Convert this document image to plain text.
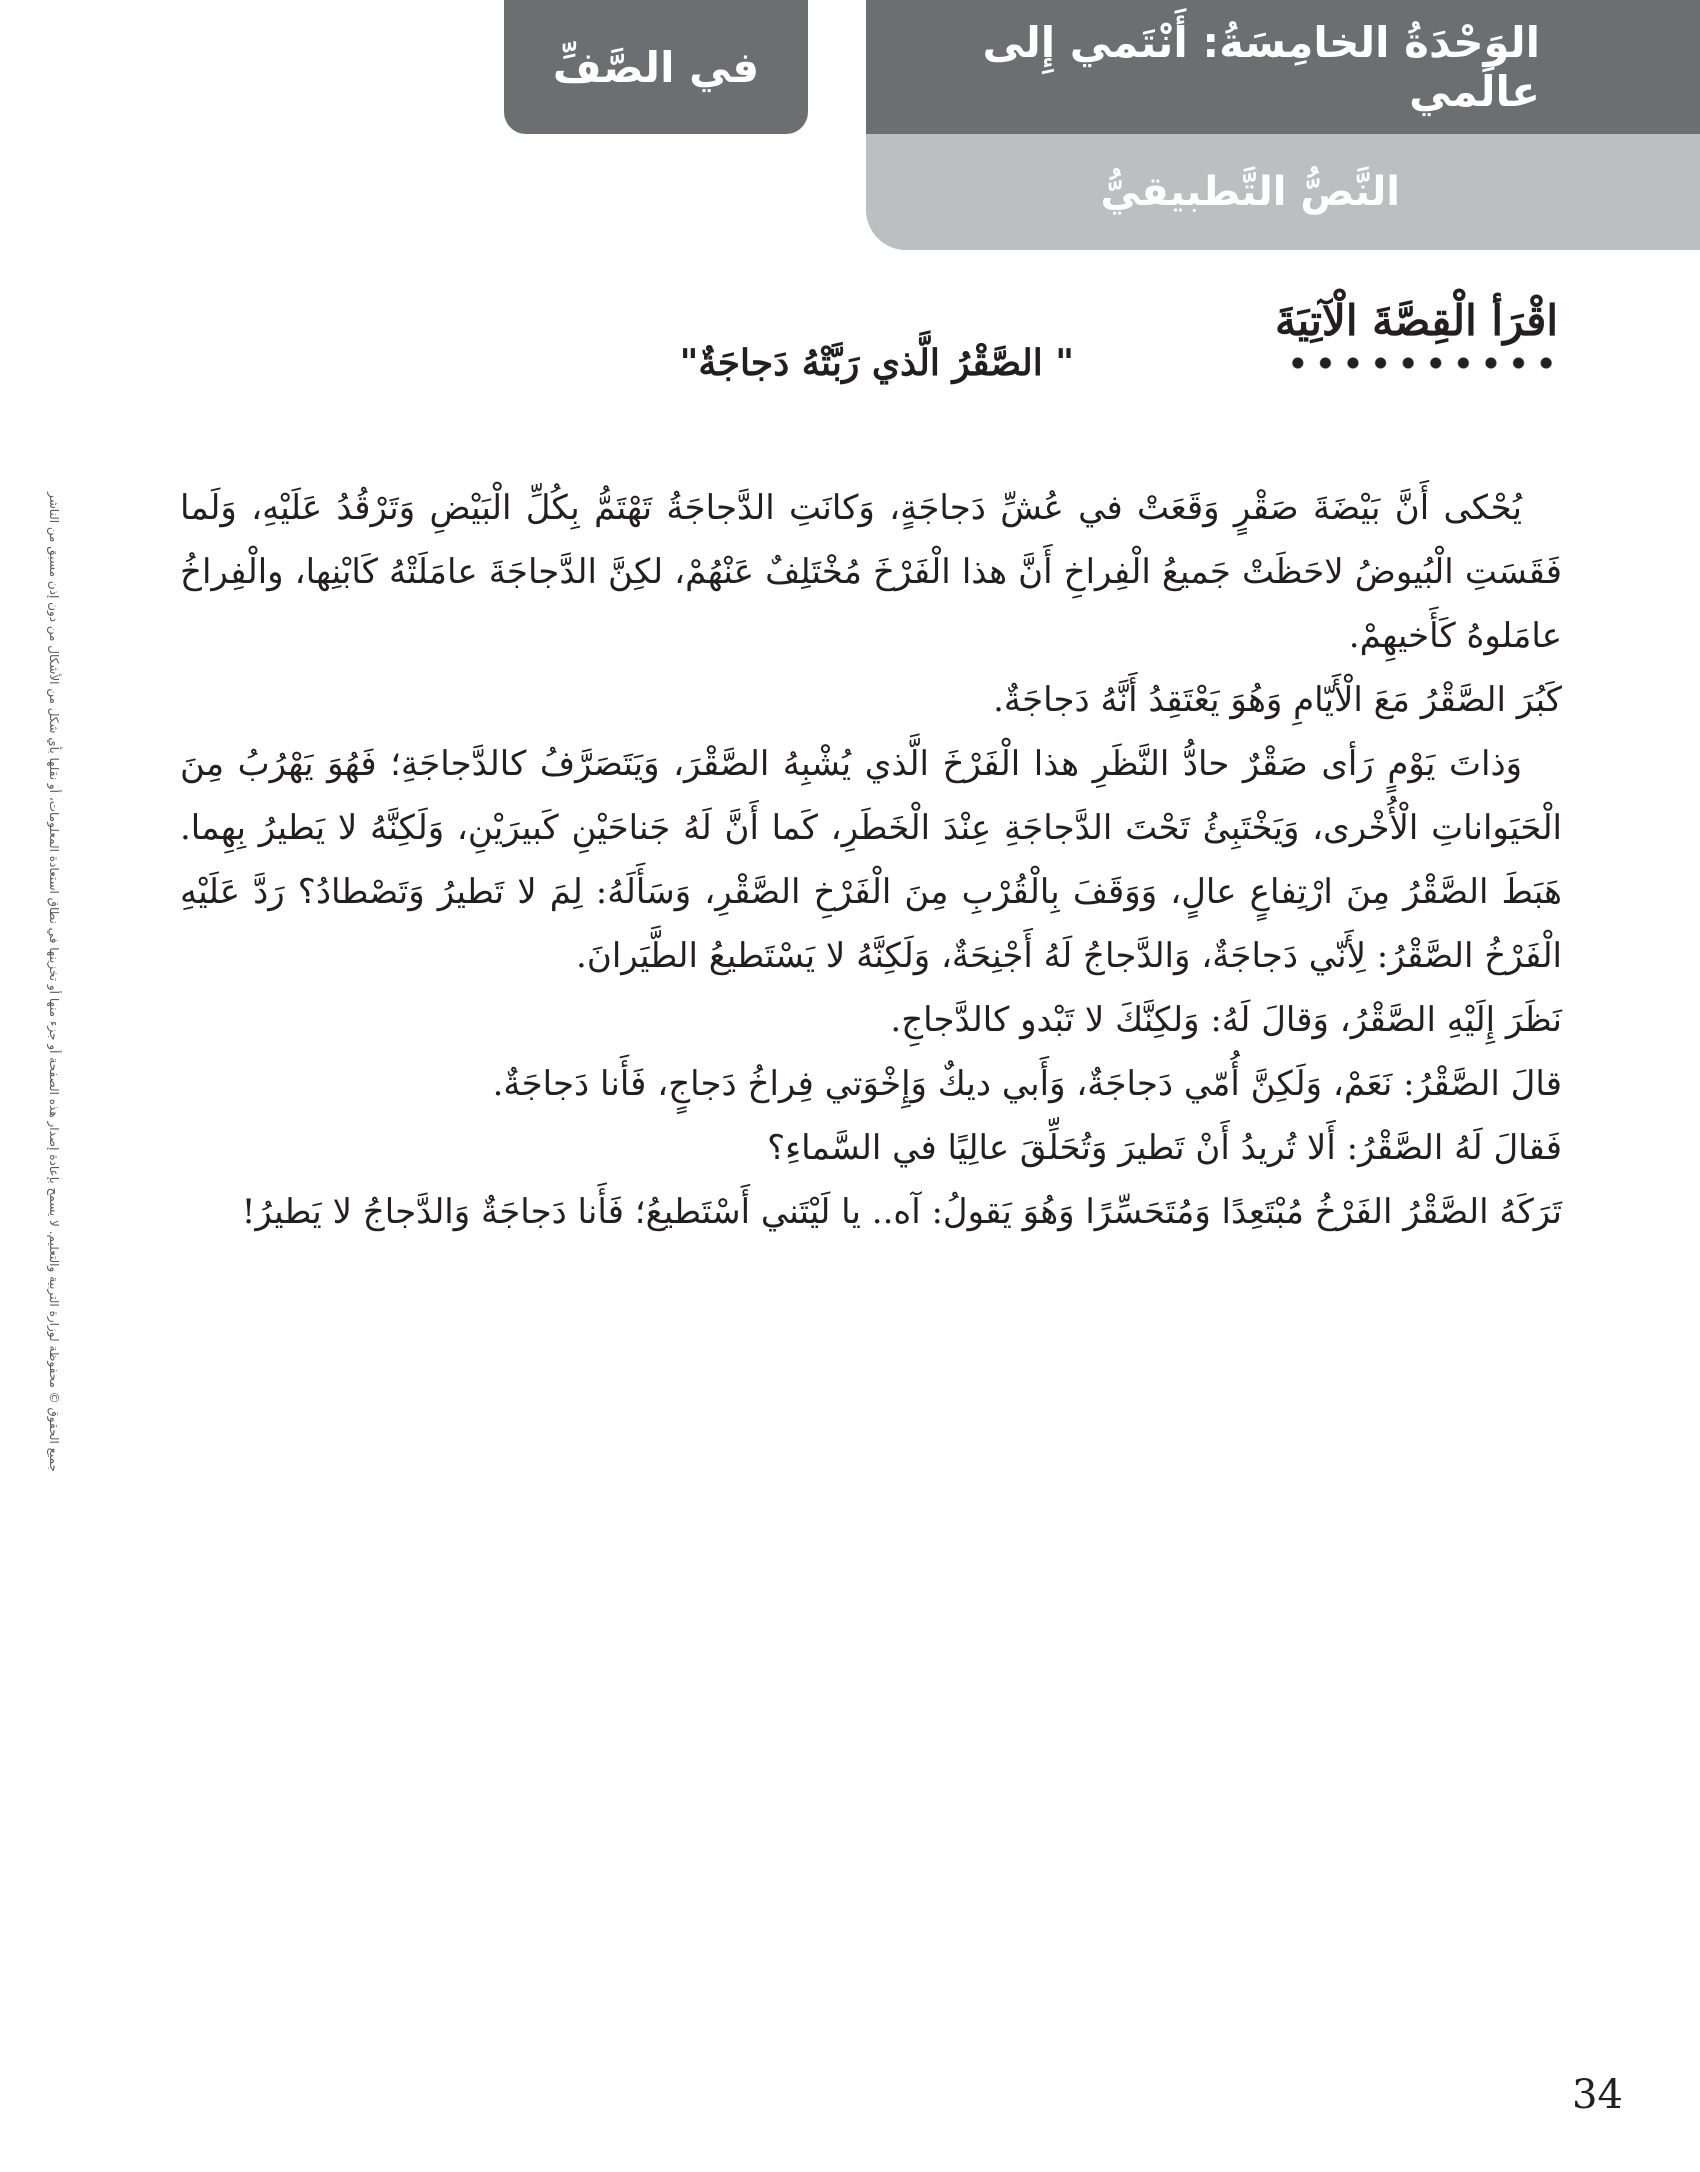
في الصَّفِّ	الوَحْدَةُ الخامِسَةُ: أَنْتَمي إِلى عالَمي
النَّصُّ التَّطبيقيُّ
اقْرَأ الْقِصَّةَ الْآتِيَةَ
" الصَّقْرُ الَّذي رَبَّتْهُ دَجاجَةٌ"

يُحْكى أَنَّ بَيْضَةَ صَقْرٍ وَقَعَتْ في عُشِّ دَجاجَةٍ، وَكانَتِ الدَّجاجَةُ تَهْتَمُّ بِكُلِّ الْبَيْضِ وَتَرْقُدُ عَلَيْهِ، وَلَما فَقَسَتِ الْبُيوضُ لاحَظَتْ جَميعُ الْفِراخِ أَنَّ هذا الْفَرْخَ مُخْتَلِفٌ عَنْهُمْ، لكِنَّ الدَّجاجَةَ عامَلَتْهُ كَابْنِها، والْفِراخُ عامَلوهُ كَأَخيهِمْ.

كَبُرَ الصَّقْرُ مَعَ الْأَيّامِ وَهُوَ يَعْتَقِدُ أَنَّهُ دَجاجَةٌ.

وَذاتَ يَوْمٍ رَأى صَقْرٌ حادُّ النَّظَرِ هذا الْفَرْخَ الَّذي يُشْبِهُ الصَّقْرَ، وَيَتَصَرَّفُ كالدَّجاجَةِ؛ فَهُوَ يَهْرُبُ مِنَ الْحَيَواناتِ الْأُخْرى، وَيَخْتَبِئُ تَحْتَ الدَّجاجَةِ عِنْدَ الْخَطَرِ، كَما أَنَّ لَهُ جَناحَيْنِ كَبيرَيْنِ، وَلَكِنَّهُ لا يَطيرُ بِهِما. هَبَطَ الصَّقْرُ مِنَ ارْتِفاعٍ عالٍ، وَوَقَفَ بِالْقُرْبِ مِنَ الْفَرْخِ الصَّقْرِ، وَسَأَلَهُ: لِمَ لا تَطيرُ وَتَصْطادُ؟ رَدَّ عَلَيْهِ الْفَرْخُ الصَّقْرُ: لِأَنّي دَجاجَةٌ، وَالدَّجاجُ لَهُ أَجْنِحَةٌ، وَلَكِنَّهُ لا يَسْتَطيعُ الطَّيَرانَ.

نَظَرَ إِلَيْهِ الصَّقْرُ، وَقالَ لَهُ: وَلكِنَّكَ لا تَبْدو كالدَّجاجِ.

قالَ الصَّقْرُ: نَعَمْ، وَلَكِنَّ أُمّي دَجاجَةٌ، وَأَبي ديكٌ وَإِخْوَتي فِراخُ دَجاجٍ، فَأَنا دَجاجَةٌ.

فَقالَ لَهُ الصَّقْرُ: أَلا تُريدُ أَنْ تَطيرَ وَتُحَلِّقَ عالِيًا في السَّماءِ؟

تَرَكَهُ الصَّقْرُ الفَرْخُ مُبْتَعِدًا وَمُتَحَسِّرًا وَهُوَ يَقولُ: آه.. يا لَيْتَني أَسْتَطيعُ؛ فَأَنا دَجاجَةٌ وَالدَّجاجُ لا يَطيرُ!

جميع الحقوق © محفوظة لوزارة التربية والتعليم. لا يسمح بإعادة إصدار هذه الصفحة أو جزء منها أو تخزينها في نطاق استعادة المعلومات، أو نقلها بأي شكل من الأشكال من دون إذن مسبق من الناشر
34
